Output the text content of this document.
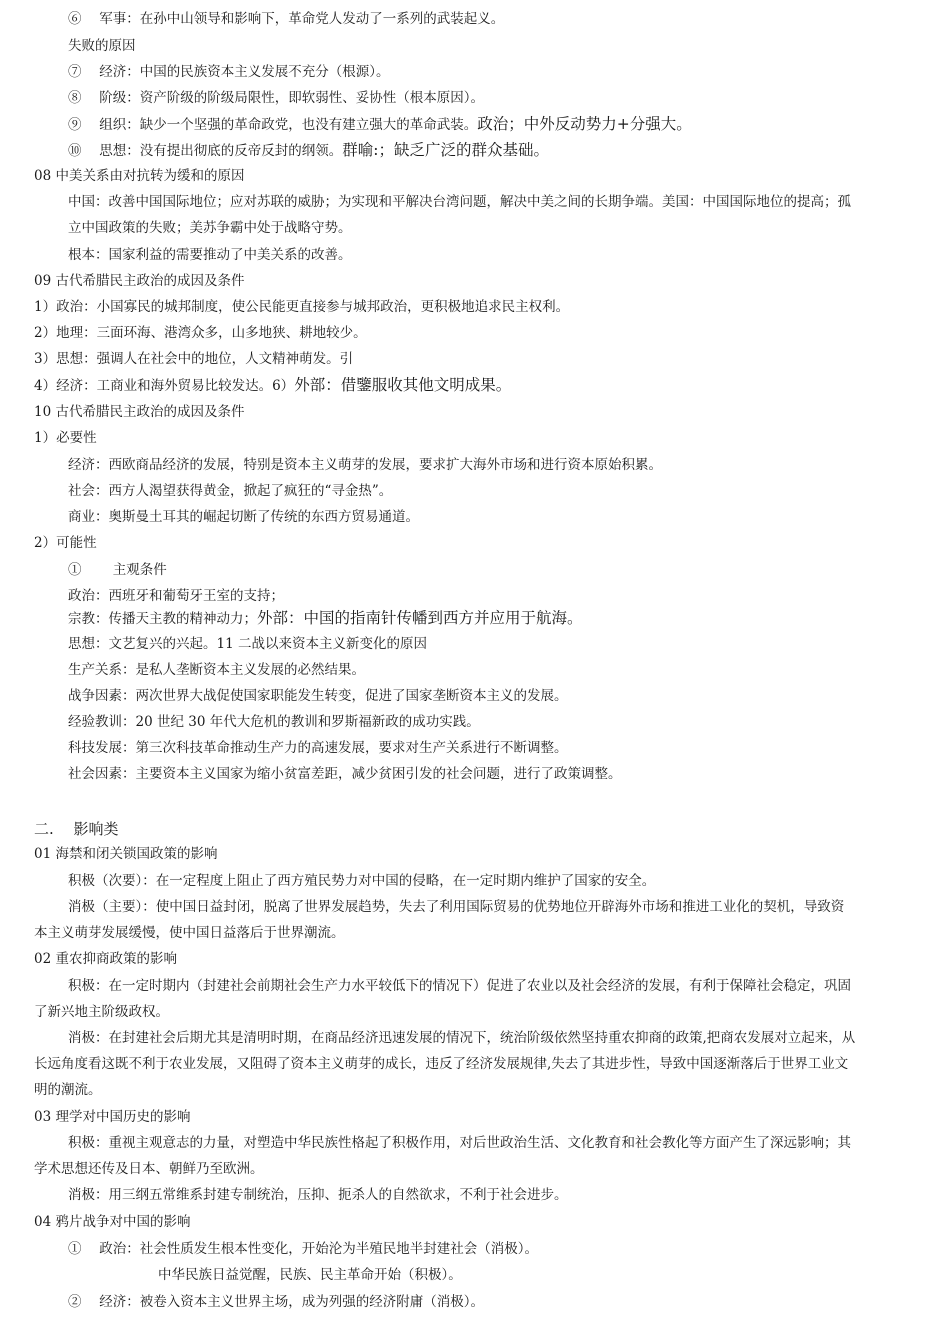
⑥　 军事：在孙中山领导和影响下，革命党人发动了一系列的武装起义。
失败的原因
⑦　 经济：中国的民族资本主义发展不充分（根源）。
⑧　 阶级：资产阶级的阶级局限性，即软弱性、妥协性（根本原因）。
⑨　 组织：缺少一个坚强的革命政党，也没有建立强大的革命武装。政治；中外反动势力+分强大。
⑩　 思想：没有提出彻底的反帝反封的纲领。群喻:；缺乏广泛的群众基础。
08 中美关系由对抗转为缓和的原因
中国：改善中国国际地位；应对苏联的威胁；为实现和平解决台湾问题，解决中美之间的长期争端。美国：中国国际地位的提高；孤
立中国政策的失败；美苏争霸中处于战略守势。
根本：国家利益的需要推动了中美关系的改善。
09 古代希腊民主政治的成因及条件
1）政治：小国寡民的城邦制度，使公民能更直接参与城邦政治，更积极地追求民主权利。
2）地理：三面环海、港湾众多，山多地狭、耕地较少。
3）思想：强调人在社会中的地位，人文精神萌发。引
4）经济：工商业和海外贸易比较发达。6）外部：借鑒服收其他文明成果。
10 古代希腊民主政治的成因及条件
1）必要性
经济：西欧商品经济的发展，特别是资本主义萌芽的发展，要求扩大海外市场和进行资本原始积累。
社会：西方人渴望获得黄金，掀起了疯狂的“寻金热”。
商业：奥斯曼土耳其的崛起切断了传统的东西方贸易通道。
2）可能性
①　　 主观条件
政治：西班牙和葡萄牙王室的支持；
宗教：传播天主教的精神动力；外部：中国的指南针传幡到西方并应用于航海。
思想：文艺复兴的兴起。11 二战以来资本主义新变化的原因
生产关系：是私人垄断资本主义发展的必然结果。
战争因素：两次世界大战促使国家职能发生转变，促进了国家垄断资本主义的发展。
经验教训：20 世纪 30 年代大危机的教训和罗斯福新政的成功实践。
科技发展：第三次科技革命推动生产力的高速发展，要求对生产关系进行不断调整。
社会因素：主要资本主义国家为缩小贫富差距，减少贫困引发的社会问题，进行了政策调整。
二.　 影响类
01 海禁和闭关锁国政策的影响
积极（次要）：在一定程度上阻止了西方殖民势力对中国的侵略，在一定时期内维护了国家的安全。
消极（主要）：使中国日益封闭，脱离了世界发展趋势，失去了利用国际贸易的优势地位开辟海外市场和推进工业化的契机，导致资
本主义萌芽发展缓慢，使中国日益落后于世界潮流。
02 重农抑商政策的影响
积极：在一定时期内（封建社会前期社会生产力水平较低下的情况下）促进了农业以及社会经济的发展，有利于保障社会稳定，巩固
了新兴地主阶级政权。
消极：在封建社会后期尤其是清明时期，在商品经济迅速发展的情况下，统治阶级依然坚持重农抑商的政策,把商农发展对立起来，从
长远角度看这既不利于农业发展，又阻碍了资本主义萌芽的成长，违反了经济发展规律,失去了其进步性，导致中国逐渐落后于世界工业文
明的潮流。
03 理学对中国历史的影响
积极：重视主观意志的力量，对塑造中华民族性格起了积极作用，对后世政治生活、文化教育和社会教化等方面产生了深远影响；其
学术思想还传及日本、朝鲜乃至欧洲。
消极：用三纲五常维系封建专制统治，压抑、扼杀人的自然欲求，不利于社会进步。
04 鸦片战争对中国的影响
①　 政治：社会性质发生根本性变化，开始沦为半殖民地半封建社会（消极）。
中华民族日益觉醒，民族、民主革命开始（积极）。
②　 经济：被卷入资本主义世界主场，成为列强的经济附庸（消极）。
